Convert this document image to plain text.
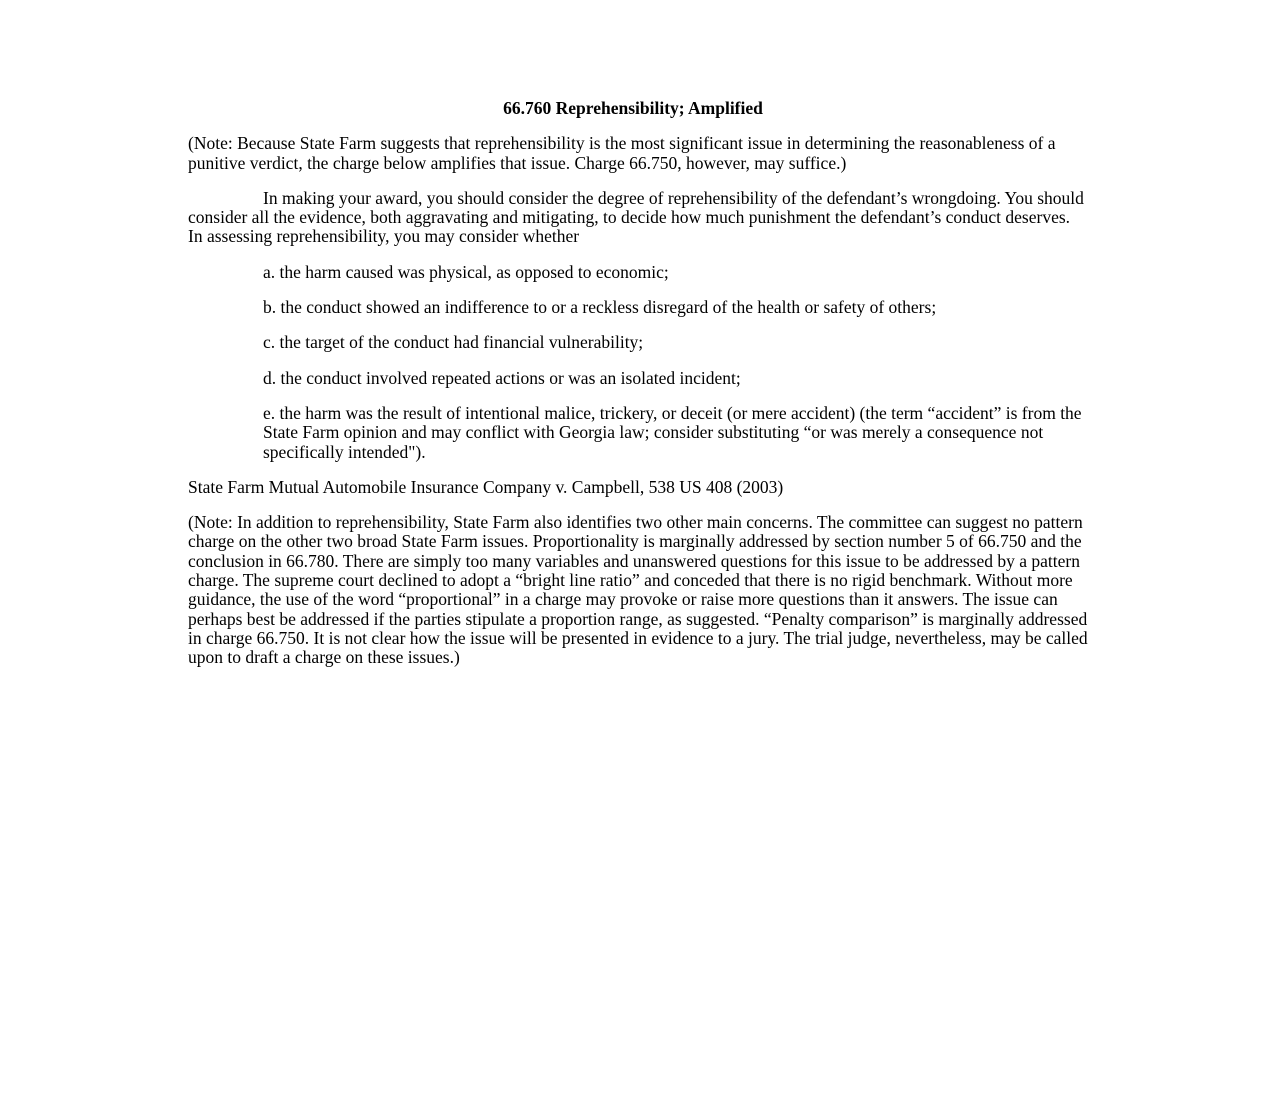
66.760 Reprehensibility; Amplified

(Note: Because State Farm suggests that reprehensibility is the most significant issue in determining the reasonableness of a punitive verdict, the charge below amplifies that issue. Charge 66.750, however, may suffice.)

In making your award, you should consider the degree of reprehensibility of the defendant’s wrongdoing. You should consider all the evidence, both aggravating and mitigating, to decide how much punishment the defendant’s conduct deserves. In assessing reprehensibility, you may consider whether

a. the harm caused was physical, as opposed to economic;
b. the conduct showed an indifference to or a reckless disregard of the health or safety of others;
c. the target of the conduct had financial vulnerability;
d. the conduct involved repeated actions or was an isolated incident;
e. the harm was the result of intentional malice, trickery, or deceit (or mere accident) (the term “accident” is from the State Farm opinion and may conflict with Georgia law; consider substituting “or was merely a consequence not specifically intended").

State Farm Mutual Automobile Insurance Company v. Campbell, 538 US 408 (2003)

(Note: In addition to reprehensibility, State Farm also identifies two other main concerns. The committee can suggest no pattern charge on the other two broad State Farm issues. Proportionality is marginally addressed by section number 5 of 66.750 and the conclusion in 66.780. There are simply too many variables and unanswered questions for this issue to be addressed by a pattern charge. The supreme court declined to adopt a “bright line ratio” and conceded that there is no rigid benchmark. Without more guidance, the use of the word “proportional” in a charge may provoke or raise more questions than it answers. The issue can perhaps best be addressed if the parties stipulate a proportion range, as suggested. “Penalty comparison” is marginally addressed in charge 66.750. It is not clear how the issue will be presented in evidence to a jury. The trial judge, nevertheless, may be called upon to draft a charge on these issues.)
